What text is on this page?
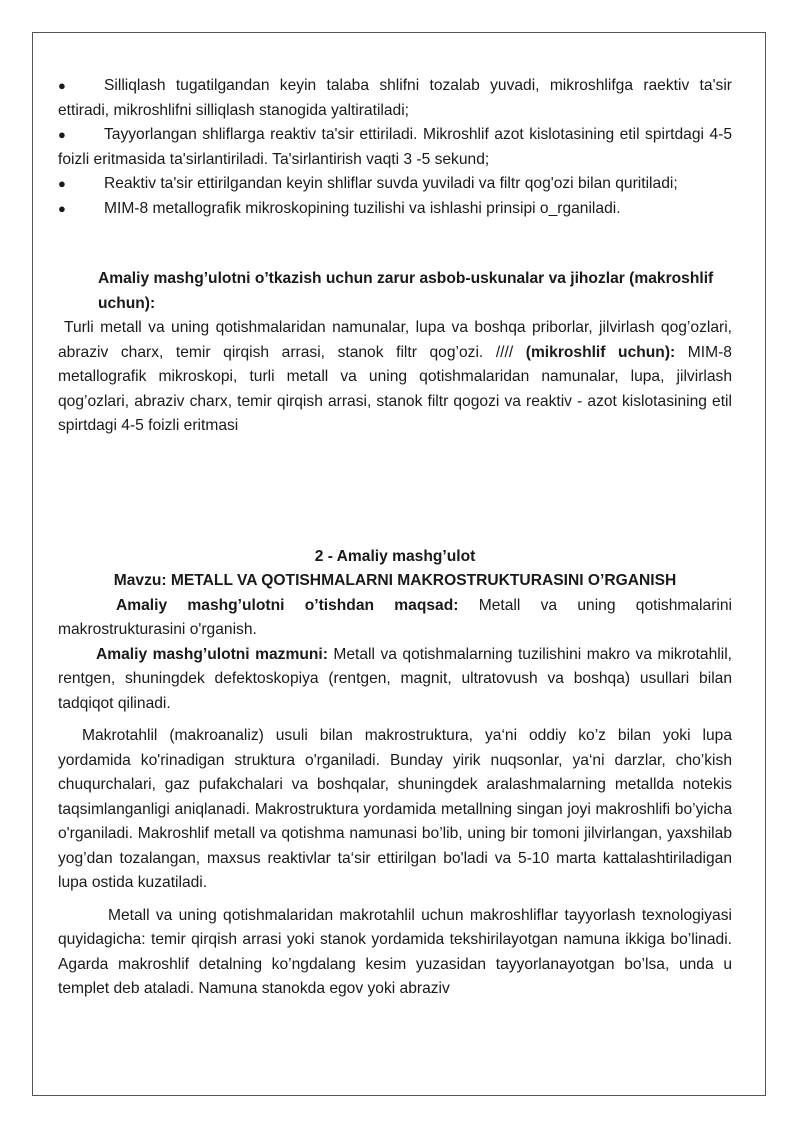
●	Silliqlash tugatilgandan keyin talaba shlifni tozalab yuvadi, mikroshlifga raektiv ta'sir ettiradi, mikroshlifni silliqlash stanogida yaltiratiladi;

●	Tayyorlangan shliflarga reaktiv ta'sir ettiriladi. Mikroshlif azot kislotasining etil spirtdagi 4-5 foizli eritmasida ta'sirlantiriladi. Ta'sirlantirish vaqti 3 -5 sekund;

●	Reaktiv ta'sir ettirilgandan keyin shliflar suvda yuviladi va filtr qog'ozi bilan quritiladi;

●	MIM-8 metallografik mikroskopining tuzilishi va ishlashi prinsipi o_rganiladi.

Amaliy mashg’ulotni o’tkazish uchun zarur asbob-uskunalar va jihozlar (makroshlif uchun):

Turli metall va uning qotishmalaridan namunalar, lupa va boshqa priborlar, jilvirlash qog’ozlari, abraziv charx, temir qirqish arrasi, stanok filtr qog’ozi. //// (mikroshlif uchun): MIM-8 metallografik mikroskopi, turli metall va uning qotishmalaridan namunalar, lupa, jilvirlash qog’ozlari, abraziv charx, temir qirqish arrasi, stanok filtr qogozi va reaktiv - azot kislotasining etil spirtdagi 4-5 foizli eritmasi

2 - Amaliy mashg’ulot

Mavzu: METALL VA QOTISHMALARNI MAKROSTRUKTURASINI O’RGANISH

Amaliy mashg’ulotni o’tishdan maqsad: Metall va uning qotishmalarini makrostrukturasini o'rganish.

Amaliy mashg’ulotni mazmuni: Metall va qotishmalarning tuzilishini makro va mikrotahlil, rentgen, shuningdek defektoskopiya (rentgen, magnit, ultratovush va boshqa) usullari bilan tadqiqot qilinadi.

Makrotahlil (makroanaliz) usuli bilan makrostruktura, ya‘ni oddiy ko’z bilan yoki lupa yordamida ko'rinadigan struktura o'rganiladi. Bunday yirik nuqsonlar, ya‘ni darzlar, cho’kish chuqurchalari, gaz pufakchalari va boshqalar, shuningdek aralashmalarning metallda notekis taqsimlanganligi aniqlanadi. Makrostruktura yordamida metallning singan joyi makroshlifi bo’yicha o'rganiladi. Makroshlif metall va qotishma namunasi bo’lib, uning bir tomoni jilvirlangan, yaxshilab yog’dan tozalangan, maxsus reaktivlar ta‘sir ettirilgan bo'ladi va 5-10 marta kattalashtiriladigan lupa ostida kuzatiladi.

Metall va uning qotishmalaridan makrotahlil uchun makroshliflar tayyorlash texnologiyasi quyidagicha: temir qirqish arrasi yoki stanok yordamida tekshirilayotgan namuna ikkiga bo’linadi. Agarda makroshlif detalning ko’ngdalang kesim yuzasidan tayyorlanayotgan bo’lsa, unda u templet deb ataladi. Namuna stanokda egov yoki abraziv
